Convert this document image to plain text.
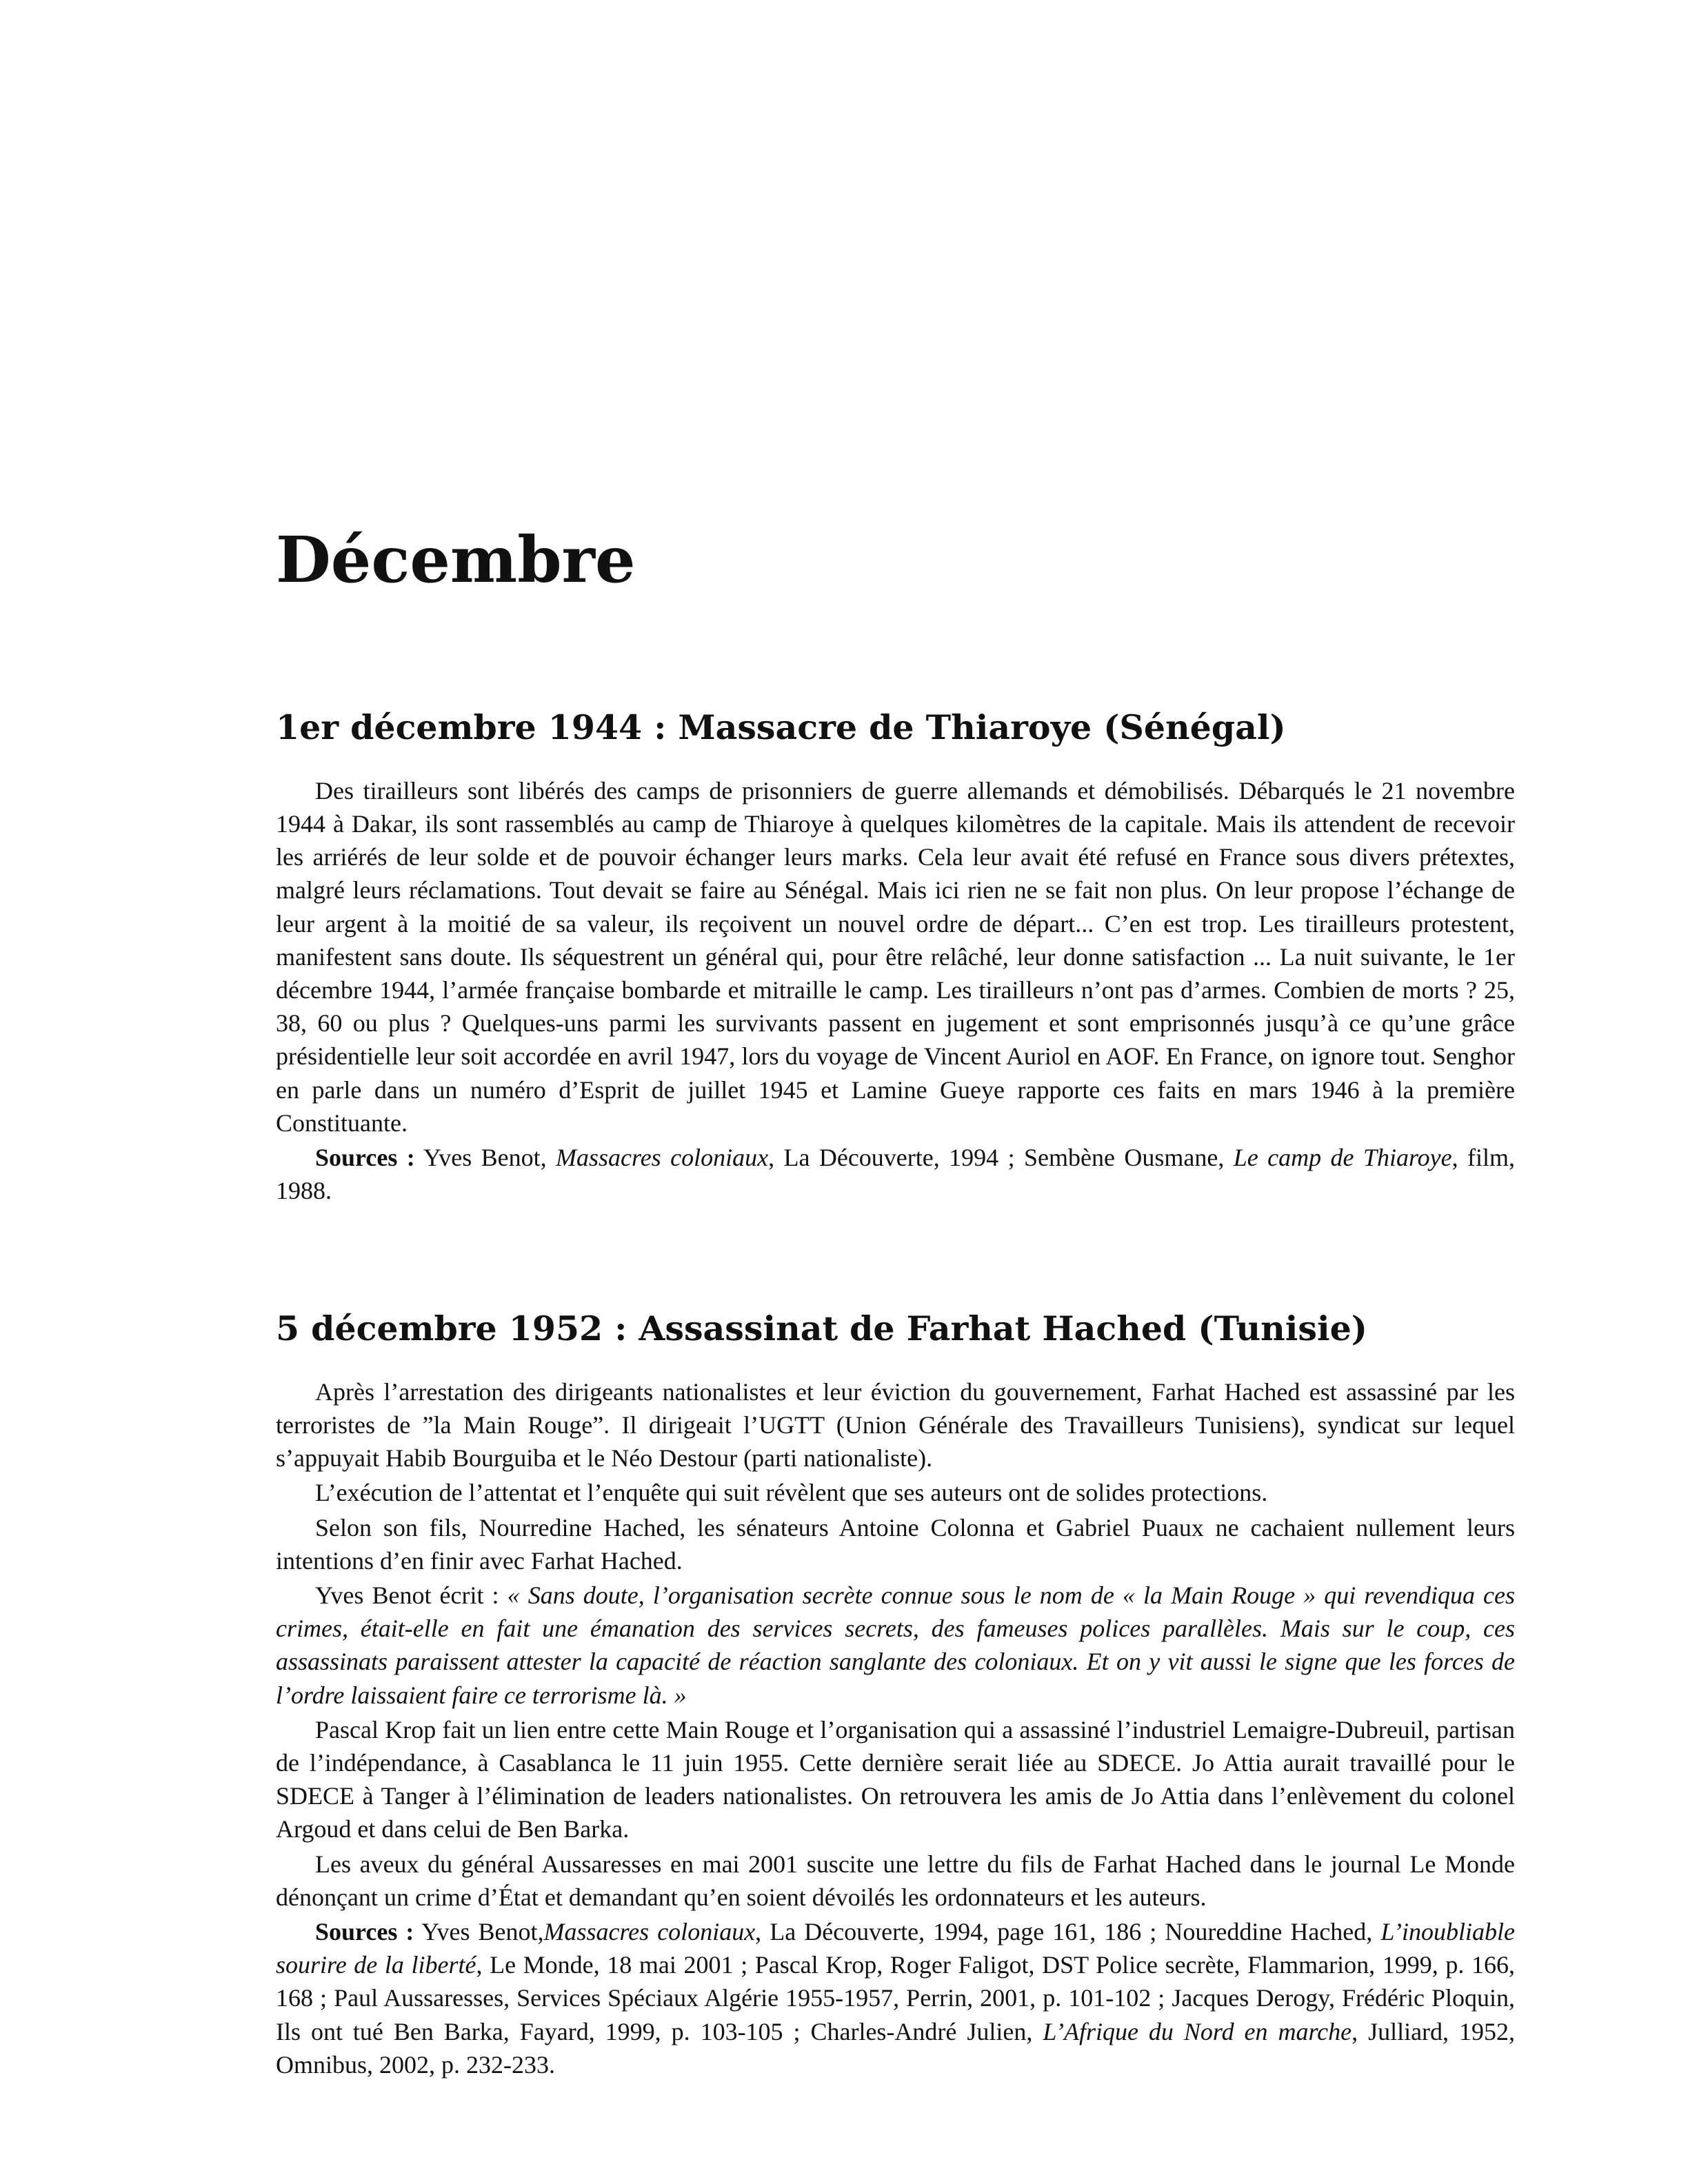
Décembre
1er décembre 1944 : Massacre de Thiaroye (Sénégal)

Des tirailleurs sont libérés des camps de prisonniers de guerre allemands et démobilisés. Débarqués le 21 novembre 1944 à Dakar, ils sont rassemblés au camp de Thiaroye à quelques kilomètres de la capitale. Mais ils attendent de recevoir les arriérés de leur solde et de pouvoir échanger leurs marks. Cela leur avait été refusé en France sous divers prétextes, malgré leurs réclamations. Tout devait se faire au Sénégal. Mais ici rien ne se fait non plus. On leur propose l’échange de leur argent à la moitié de sa valeur, ils reçoivent un nouvel ordre de départ... C’en est trop. Les tirailleurs protestent, manifestent sans doute. Ils séquestrent un général qui, pour être relâché, leur donne satisfaction ... La nuit suivante, le 1er décembre 1944, l’armée française bombarde et mitraille le camp. Les tirailleurs n’ont pas d’armes. Combien de morts ? 25, 38, 60 ou plus ? Quelques-uns parmi les survivants passent en jugement et sont emprisonnés jusqu’à ce qu’une grâce présidentielle leur soit accordée en avril 1947, lors du voyage de Vincent Auriol en AOF. En France, on ignore tout. Senghor en parle dans un numéro d’Esprit de juillet 1945 et Lamine Gueye rapporte ces faits en mars 1946 à la première Constituante.

Sources : Yves Benot, Massacres coloniaux, La Découverte, 1994 ; Sembène Ousmane, Le camp de Thiaroye, film, 1988.

5 décembre 1952 : Assassinat de Farhat Hached (Tunisie)

Après l’arrestation des dirigeants nationalistes et leur éviction du gouvernement, Farhat Hached est assassiné par les terroristes de ”la Main Rouge”. Il dirigeait l’UGTT (Union Générale des Travailleurs Tunisiens), syndicat sur lequel s’appuyait Habib Bourguiba et le Néo Destour (parti nationaliste).

L’exécution de l’attentat et l’enquête qui suit révèlent que ses auteurs ont de solides protections.

Selon son fils, Nourredine Hached, les sénateurs Antoine Colonna et Gabriel Puaux ne cachaient nullement leurs intentions d’en finir avec Farhat Hached.

Yves Benot écrit : « Sans doute, l’organisation secrète connue sous le nom de « la Main Rouge » qui revendiqua ces crimes, était-elle en fait une émanation des services secrets, des fameuses polices parallèles. Mais sur le coup, ces assassinats paraissent attester la capacité de réaction sanglante des coloniaux. Et on y vit aussi le signe que les forces de l’ordre laissaient faire ce terrorisme là. »

Pascal Krop fait un lien entre cette Main Rouge et l’organisation qui a assassiné l’industriel Lemaigre-Dubreuil, partisan de l’indépendance, à Casablanca le 11 juin 1955. Cette dernière serait liée au SDECE. Jo Attia aurait travaillé pour le SDECE à Tanger à l’élimination de leaders nationalistes. On retrouvera les amis de Jo Attia dans l’enlèvement du colonel Argoud et dans celui de Ben Barka.

Les aveux du général Aussaresses en mai 2001 suscite une lettre du fils de Farhat Hached dans le journal Le Monde dénonçant un crime d’État et demandant qu’en soient dévoilés les ordonnateurs et les auteurs.

Sources : Yves Benot,Massacres coloniaux, La Découverte, 1994, page 161, 186 ; Noureddine Hached, L’inoubliable sourire de la liberté, Le Monde, 18 mai 2001 ; Pascal Krop, Roger Faligot, DST Police secrète, Flammarion, 1999, p. 166, 168 ; Paul Aussaresses, Services Spéciaux Algérie 1955-1957, Perrin, 2001, p. 101-102 ; Jacques Derogy, Frédéric Ploquin, Ils ont tué Ben Barka, Fayard, 1999, p. 103-105 ; Charles-André Julien, L’Afrique du Nord en marche, Julliard, 1952, Omnibus, 2002, p. 232-233.
